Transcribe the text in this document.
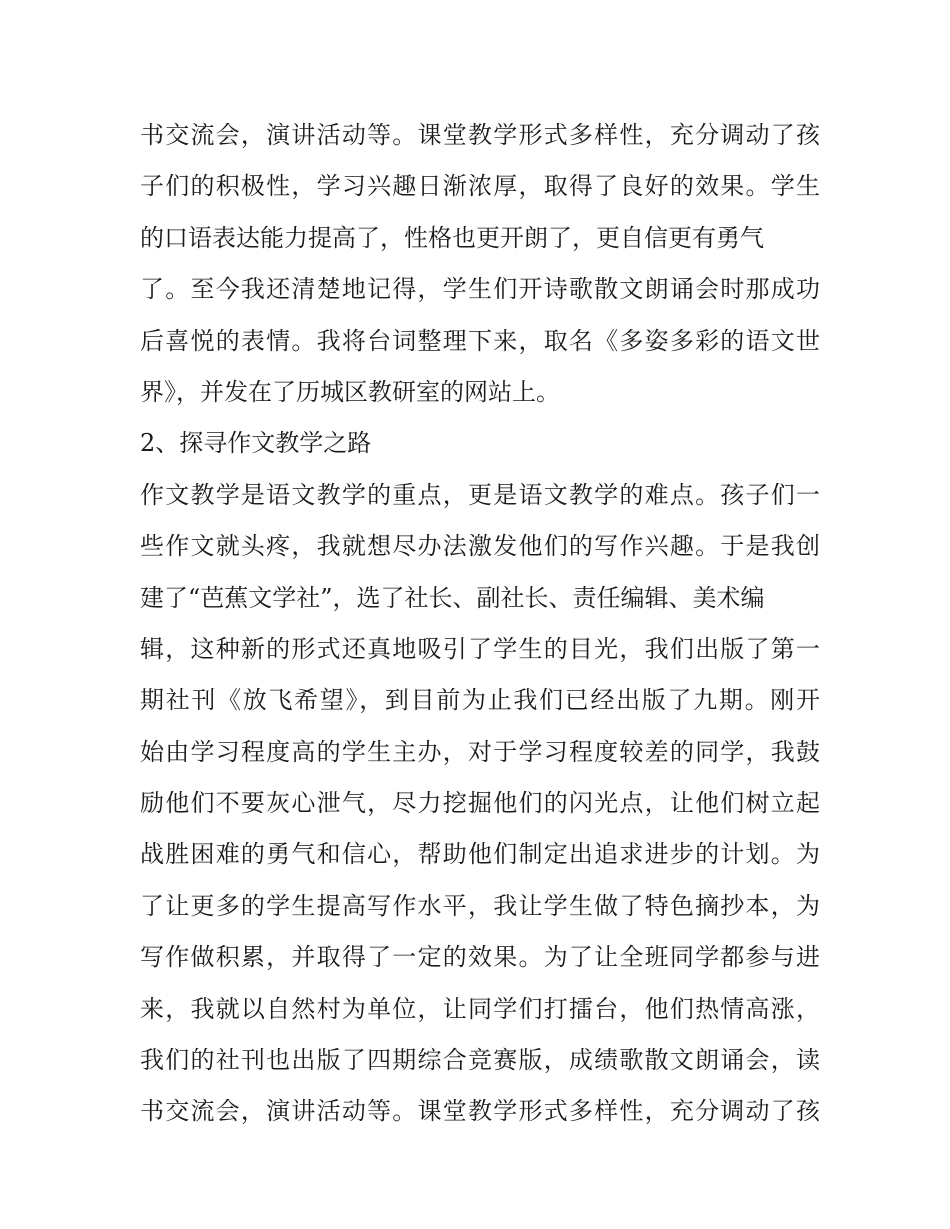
书交流会，演讲活动等。课堂教学形式多样性，充分调动了孩
子们的积极性，学习兴趣日渐浓厚，取得了良好的效果。学生
的口语表达能力提高了，性格也更开朗了，更自信更有勇气
了。至今我还清楚地记得，学生们开诗歌散文朗诵会时那成功
后喜悦的表情。我将台词整理下来，取名《多姿多彩的语文世
界》，并发在了历城区教研室的网站上。
2、探寻作文教学之路
作文教学是语文教学的重点，更是语文教学的难点。孩子们一
些作文就头疼，我就想尽办法激发他们的写作兴趣。于是我创
建了“芭蕉文学社”，选了社长、副社长、责任编辑、美术编
辑，这种新的形式还真地吸引了学生的目光，我们出版了第一
期社刊《放飞希望》，到目前为止我们已经出版了九期。刚开
始由学习程度高的学生主办，对于学习程度较差的同学，我鼓
励他们不要灰心泄气，尽力挖掘他们的闪光点，让他们树立起
战胜困难的勇气和信心，帮助他们制定出追求进步的计划。为
了让更多的学生提高写作水平，我让学生做了特色摘抄本，为
写作做积累，并取得了一定的效果。为了让全班同学都参与进
来，我就以自然村为单位，让同学们打擂台，他们热情高涨，
我们的社刊也出版了四期综合竞赛版，成绩歌散文朗诵会，读
书交流会，演讲活动等。课堂教学形式多样性，充分调动了孩
